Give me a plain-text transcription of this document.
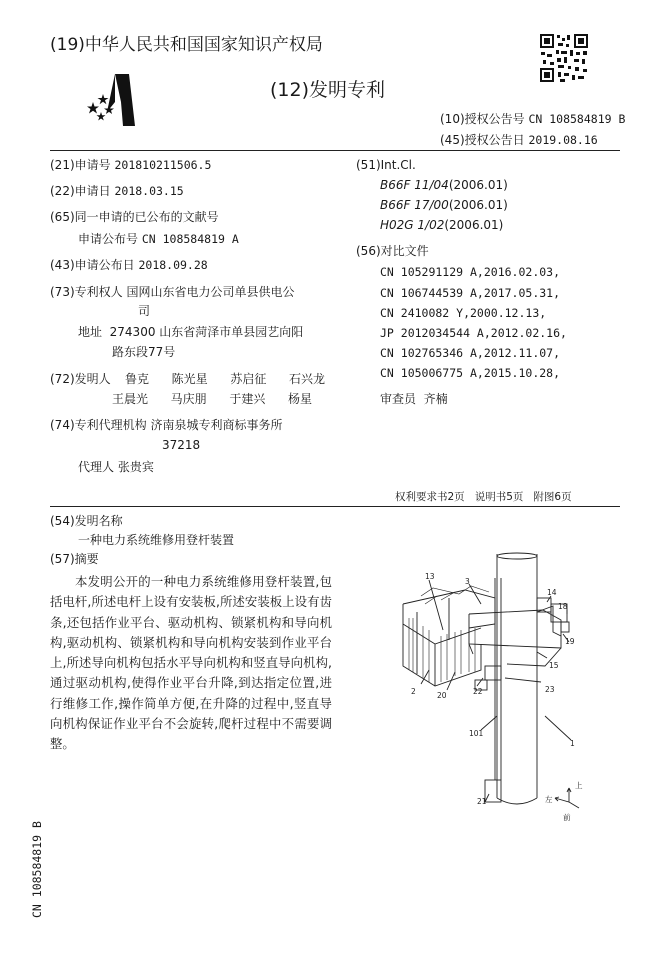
(19)中华人民共和国国家知识产权局
(12)发明专利
(10)授权公告号 CN 108584819 B
(45)授权公告日 2019.08.16
(21)申请号 201810211506.5
(22)申请日 2018.03.15
(65)同一申请的已公布的文献号
申请公布号 CN 108584819 A
(43)申请公布日 2018.09.28
(73)专利权人 国网山东省电力公司单县供电公
司
地址 274300 山东省菏泽市单县园艺向阳
路东段77号
(72)发明人 鲁克 陈光星 苏启征 石兴龙
王晨光 马庆朋 于建兴 杨星
(74)专利代理机构 济南泉城专利商标事务所
37218
代理人 张贵宾
(51)Int.Cl.
B66F 11/04(2006.01)
B66F 17/00(2006.01)
H02G 1/02(2006.01)
(56)对比文件
CN 105291129 A,2016.02.03,
CN 106744539 A,2017.05.31,
CN 2410082 Y,2000.12.13,
JP 2012034544 A,2012.02.16,
CN 102765346 A,2012.11.07,
CN 105006775 A,2015.10.28,
审查员 齐楠
权利要求书2页 说明书5页 附图6页
(54)发明名称
一种电力系统维修用登杆装置
(57)摘要

本发明公开的一种电力系统维修用登杆装置,包括电杆,所述电杆上设有安装板,所述安装板上设有齿条,还包括作业平台、驱动机构、锁紧机构和导向机构,驱动机构、锁紧机构和导向机构安装到作业平台上,所述导向机构包括水平导向机构和竖直导向机构,通过驱动机构,使得作业平台升降,到达指定位置,进行维修工作,操作简单方便,在升降的过程中,竖直导向机构保证作业平台不会旋转,爬杆过程中不需要调整。

13
3
14
18
19
15
20	22	23
2
101
1
21
上
左
前
CN 108584819 B
